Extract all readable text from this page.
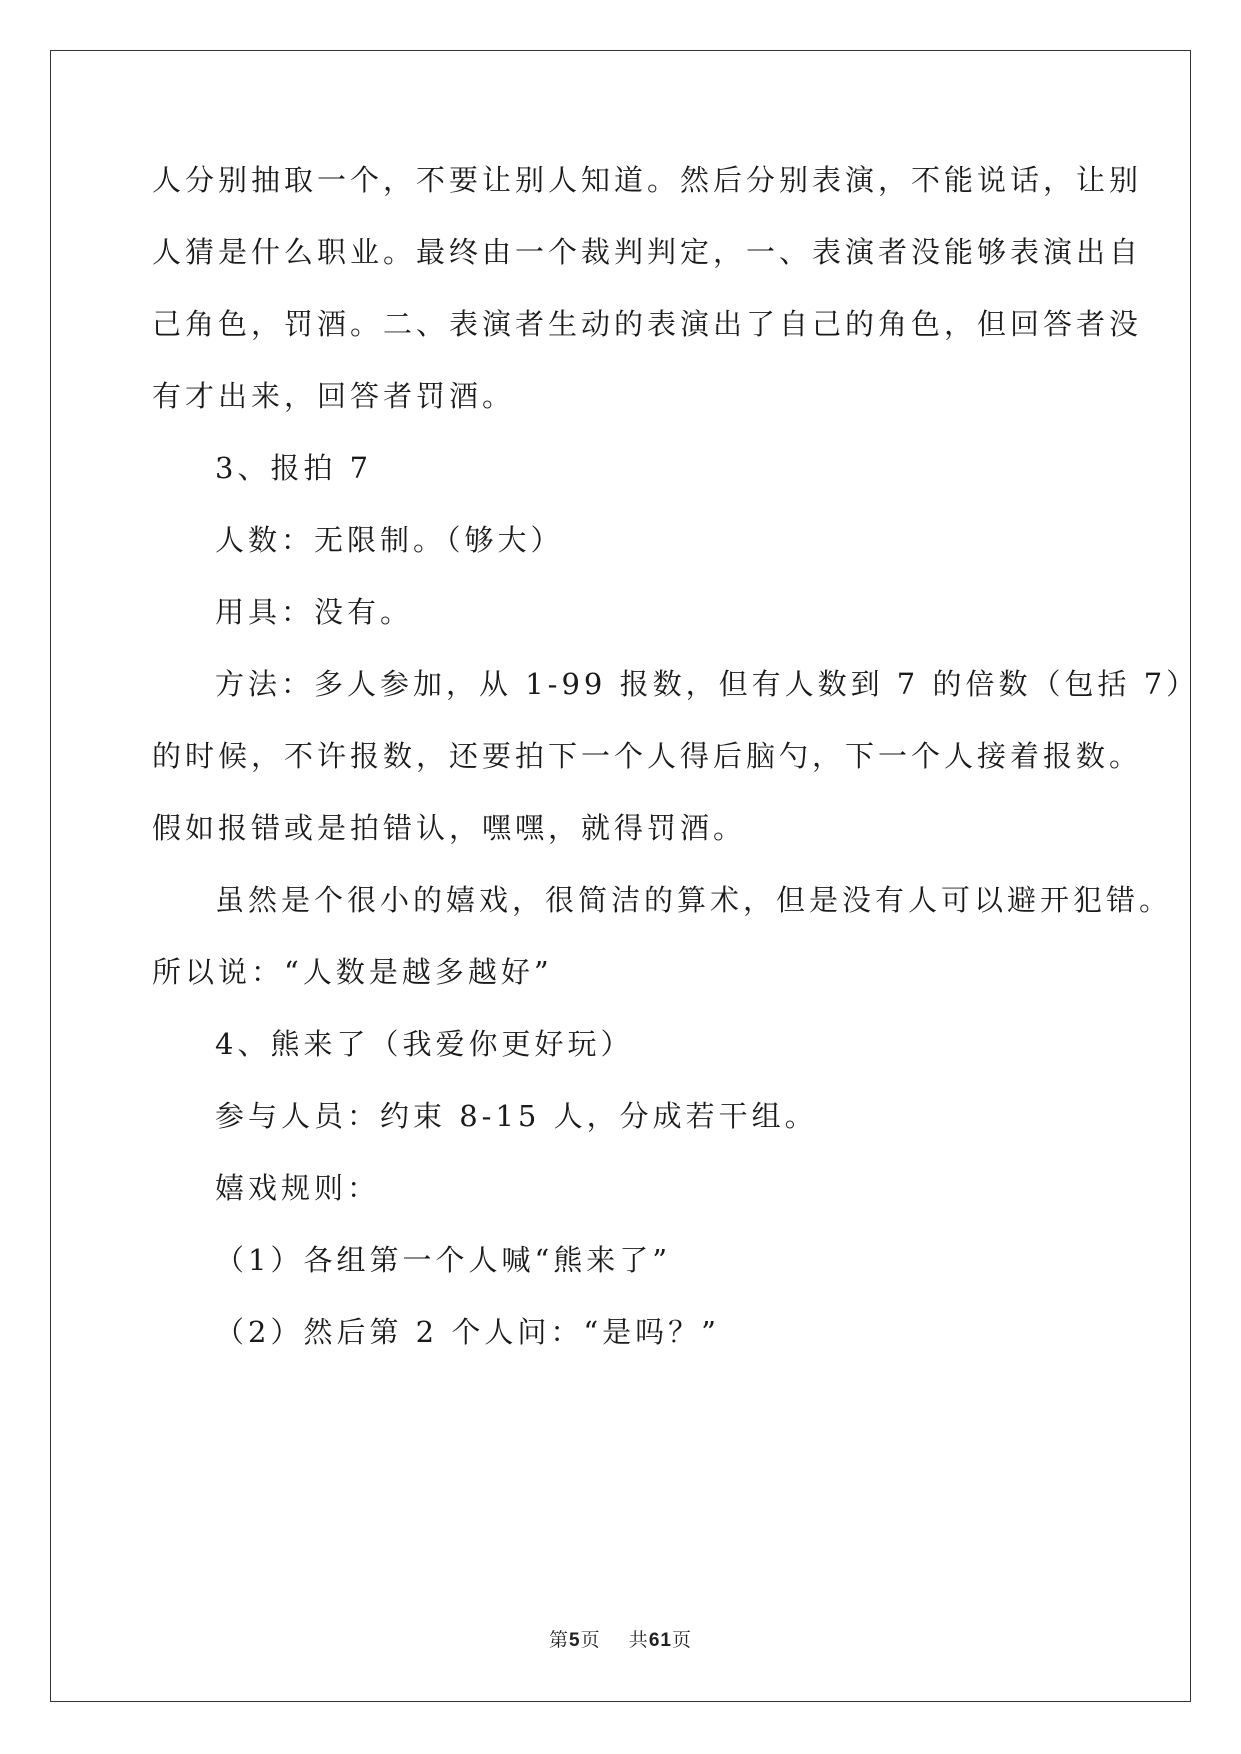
人分别抽取一个，不要让别人知道。然后分别表演，不能说话，让别
人猜是什么职业。最终由一个裁判判定，一、表演者没能够表演出自
己角色，罚酒。二、表演者生动的表演出了自己的角色，但回答者没
有才出来，回答者罚酒。
3、报拍 7
人数：无限制。（够大）
用具：没有。
方法：多人参加，从 1-99 报数，但有人数到 7 的倍数（包括 7）
的时候，不许报数，还要拍下一个人得后脑勺，下一个人接着报数。
假如报错或是拍错认，嘿嘿，就得罚酒。
虽然是个很小的嬉戏，很简洁的算术，但是没有人可以避开犯错。
所以说：“人数是越多越好”
4、熊来了（我爱你更好玩）
参与人员：约束 8-15 人，分成若干组。
嬉戏规则：
（1）各组第一个人喊“熊来了”
（2）然后第 2 个人问：“是吗？”
第5页 共61页
